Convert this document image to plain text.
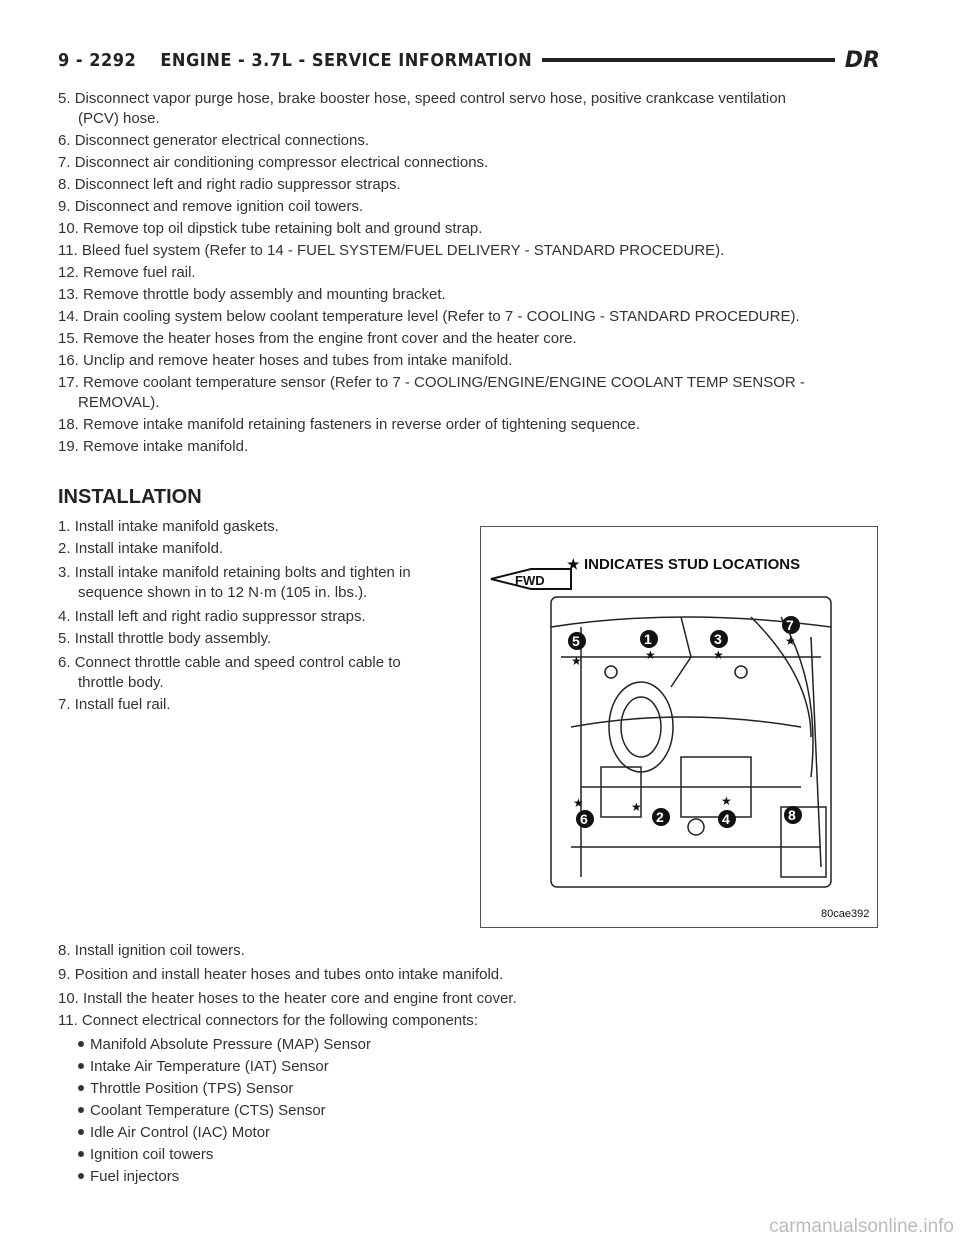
9 - 2292 ENGINE - 3.7L - SERVICE INFORMATION	DR
5. Disconnect vapor purge hose, brake booster hose, speed control servo hose, positive crankcase ventilation
(PCV) hose.
6. Disconnect generator electrical connections.
7. Disconnect air conditioning compressor electrical connections.
8. Disconnect left and right radio suppressor straps.
9. Disconnect and remove ignition coil towers.
10. Remove top oil dipstick tube retaining bolt and ground strap.
11. Bleed fuel system (Refer to 14 - FUEL SYSTEM/FUEL DELIVERY - STANDARD PROCEDURE).
12. Remove fuel rail.
13. Remove throttle body assembly and mounting bracket.
14. Drain cooling system below coolant temperature level (Refer to 7 - COOLING - STANDARD PROCEDURE).
15. Remove the heater hoses from the engine front cover and the heater core.
16. Unclip and remove heater hoses and tubes from intake manifold.
17. Remove coolant temperature sensor (Refer to 7 - COOLING/ENGINE/ENGINE COOLANT TEMP SENSOR -
REMOVAL).
18. Remove intake manifold retaining fasteners in reverse order of tightening sequence.
19. Remove intake manifold.
INSTALLATION
1. Install intake manifold gaskets.
2. Install intake manifold.
3. Install intake manifold retaining bolts and tighten in
sequence shown in to 12 N·m (105 in. lbs.).
4. Install left and right radio suppressor straps.
5. Install throttle body assembly.
6. Connect throttle cable and speed control cable to
throttle body.
7. Install fuel rail.
★ INDICATES STUD LOCATIONS
FWD
1
2
3
4
5
6
7
8
★	★	★
★
★	★	★
80cae392
8. Install ignition coil towers.
9. Position and install heater hoses and tubes onto intake manifold.
10. Install the heater hoses to the heater core and engine front cover.
11. Connect electrical connectors for the following components:
Manifold Absolute Pressure (MAP) Sensor
Intake Air Temperature (IAT) Sensor
Throttle Position (TPS) Sensor
Coolant Temperature (CTS) Sensor
Idle Air Control (IAC) Motor
Ignition coil towers
Fuel injectors
carmanualsonline.info
